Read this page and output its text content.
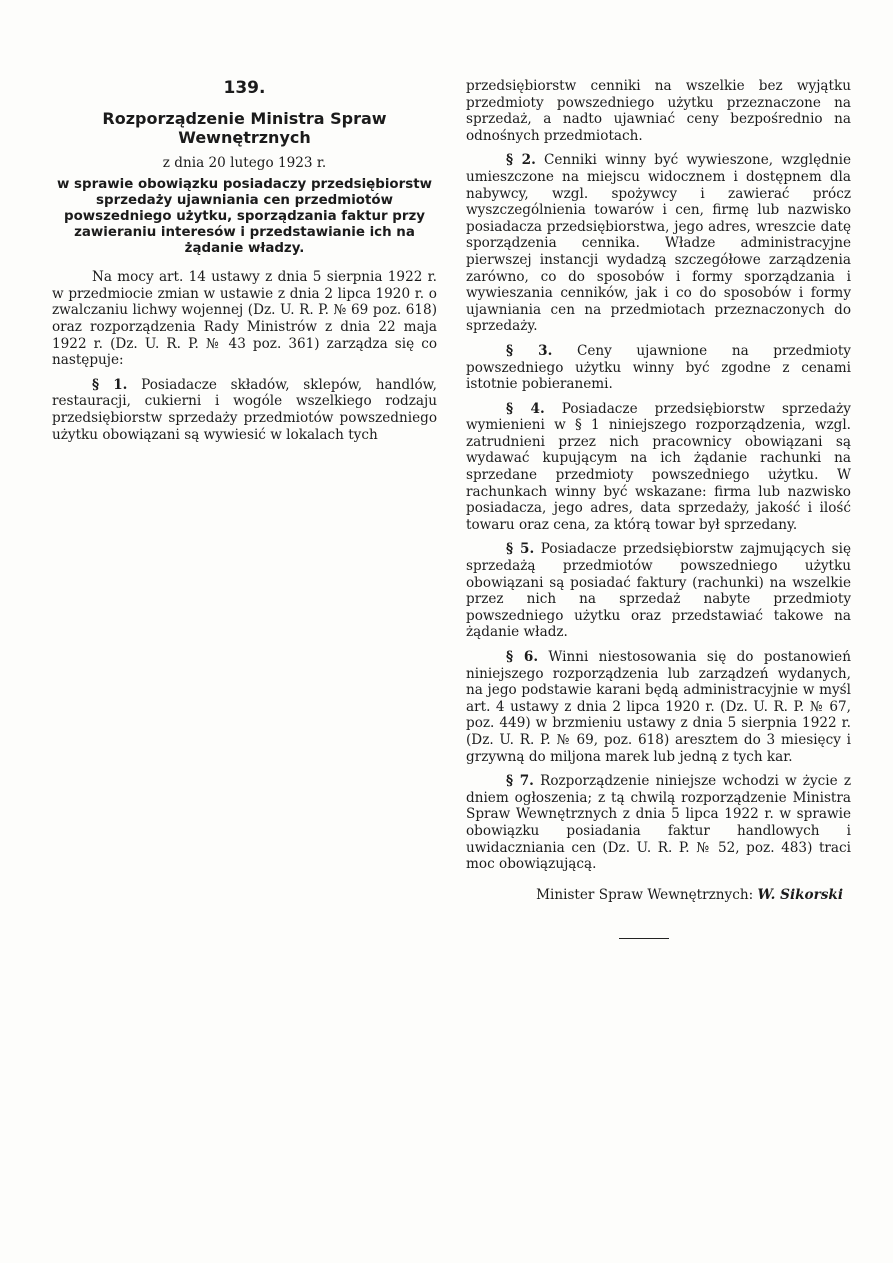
139.
Rozporządzenie Ministra Spraw Wewnętrznych
z dnia 20 lutego 1923 r.
w sprawie obowiązku posiadaczy przedsiębiorstw sprzedaży ujawniania cen przedmiotów powszedniego użytku, sporządzania faktur przy zawieraniu interesów i przedstawianie ich na żądanie władzy.

Na mocy art. 14 ustawy z dnia 5 sierpnia 1922 r. w przedmiocie zmian w ustawie z dnia 2 lipca 1920 r. o zwalczaniu lichwy wojennej (Dz. U. R. P. № 69 poz. 618) oraz rozporządzenia Rady Ministrów z dnia 22 maja 1922 r. (Dz. U. R. P. № 43 poz. 361) zarządza się co następuje:

§ 1. Posiadacze składów, sklepów, handlów, restauracji, cukierni i wogóle wszelkiego rodzaju przedsiębiorstw sprzedaży przedmiotów powszedniego użytku obowiązani są wywiesić w lokalach tych

przedsiębiorstw cenniki na wszelkie bez wyjątku przedmioty powszedniego użytku przeznaczone na sprzedaż, a nadto ujawniać ceny bezpośrednio na odnośnych przedmiotach.

§ 2. Cenniki winny być wywieszone, względnie umieszczone na miejscu widocznem i dostępnem dla nabywcy, wzgl. spożywcy i zawierać prócz wyszczególnienia towarów i cen, firmę lub nazwisko posiadacza przedsiębiorstwa, jego adres, wreszcie datę sporządzenia cennika. Władze administracyjne pierwszej instancji wydadzą szczegółowe zarządzenia zarówno, co do sposobów i formy sporządzania i wywieszania cenników, jak i co do sposobów i formy ujawniania cen na przedmiotach przeznaczonych do sprzedaży.

§ 3. Ceny ujawnione na przedmioty powszedniego użytku winny być zgodne z cenami istotnie pobieranemi.

§ 4. Posiadacze przedsiębiorstw sprzedaży wymienieni w § 1 niniejszego rozporządzenia, wzgl. zatrudnieni przez nich pracownicy obowiązani są wydawać kupującym na ich żądanie rachunki na sprzedane przedmioty powszedniego użytku. W rachunkach winny być wskazane: firma lub nazwisko posiadacza, jego adres, data sprzedaży, jakość i ilość towaru oraz cena, za którą towar był sprzedany.

§ 5. Posiadacze przedsiębiorstw zajmujących się sprzedażą przedmiotów powszedniego użytku obowiązani są posiadać faktury (rachunki) na wszelkie przez nich na sprzedaż nabyte przedmioty powszedniego użytku oraz przedstawiać takowe na żądanie władz.

§ 6. Winni niestosowania się do postanowień niniejszego rozporządzenia lub zarządzeń wydanych, na jego podstawie karani będą administracyjnie w myśl art. 4 ustawy z dnia 2 lipca 1920 r. (Dz. U. R. P. № 67, poz. 449) w brzmieniu ustawy z dnia 5 sierpnia 1922 r. (Dz. U. R. P. № 69, poz. 618) aresztem do 3 miesięcy i grzywną do miljona marek lub jedną z tych kar.

§ 7. Rozporządzenie niniejsze wchodzi w życie z dniem ogłoszenia; z tą chwilą rozporządzenie Ministra Spraw Wewnętrznych z dnia 5 lipca 1922 r. w sprawie obowiązku posiadania faktur handlowych i uwidaczniania cen (Dz. U. R. P. № 52, poz. 483) traci moc obowiązującą.

Minister Spraw Wewnętrznych: W. Sikorski
